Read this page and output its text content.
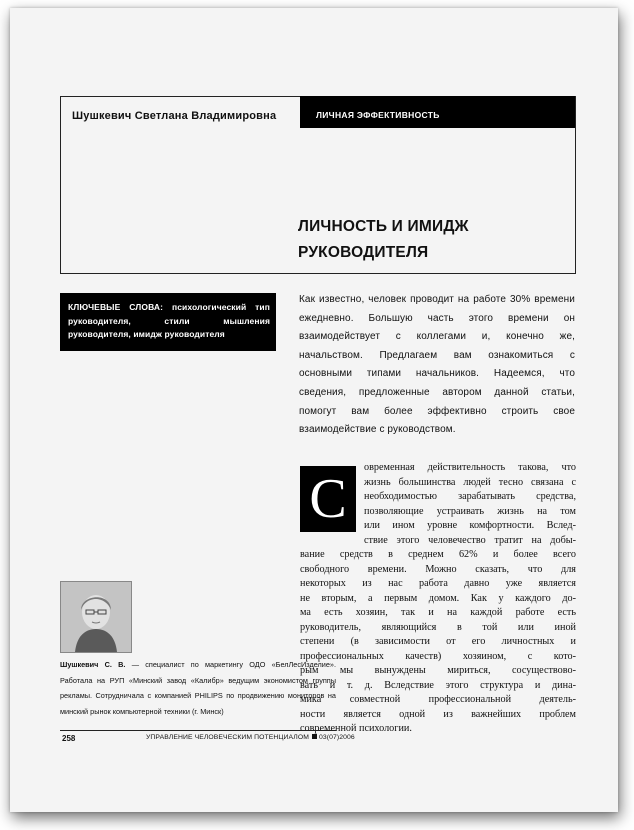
Шушкевич Светлана Владимировна	ЛИЧНАЯ ЭФФЕКТИВНОСТЬ
ЛИЧНОСТЬ И ИМИДЖ
РУКОВОДИТЕЛЯ
КЛЮЧЕВЫЕ СЛОВА: психологический тип руководителя, стили мышления руководителя, имидж руководителя
Как известно, человек проводит на работе 30% времени ежедневно. Большую часть этого времени он взаимодействует с коллегами и, конечно же, начальством. Предлагаем вам ознакомиться с основными типами начальников. Надеемся, что сведения, предложенные автором данной статьи, помогут вам более эффективно строить свое взаимодействие с руководством.
С
овременная действительность такова, что
жизнь большинства людей тесно связана с
необходимостью зарабатывать средства,
позволяющие устраивать жизнь на том
или ином уровне комфортности. Вслед-
ствие этого человечество тратит на добы-
вание средств в среднем 62% и более всего
свободного времени. Можно сказать, что для
некоторых из нас работа давно уже является
не вторым, а первым домом. Как у каждого до-
ма есть хозяин, так и на каждой работе есть
руководитель, являющийся в той или иной
степени (в зависимости от его личностных и
профессиональных качеств) хозяином, с кото-
рым мы вынуждены мириться, сосуществово-
вать и т. д. Вследствие этого структура и дина-
мика совместной профессиональной деятель-
ности является одной из важнейших проблем
современной психологии.
Шушкевич С. В. — специалист по маркетингу ОДО «БелЛесИзделие». Работала на РУП «Минский завод «Калибр» ведущим экономистом группы рекламы. Сотрудничала с компанией PHILIPS по продвижению мониторов на минский рынок компьютерной техники (г. Минск)
258	УПРАВЛЕНИЕ ЧЕЛОВЕЧЕСКИМ ПОТЕНЦИАЛОМ 03(07)2006
